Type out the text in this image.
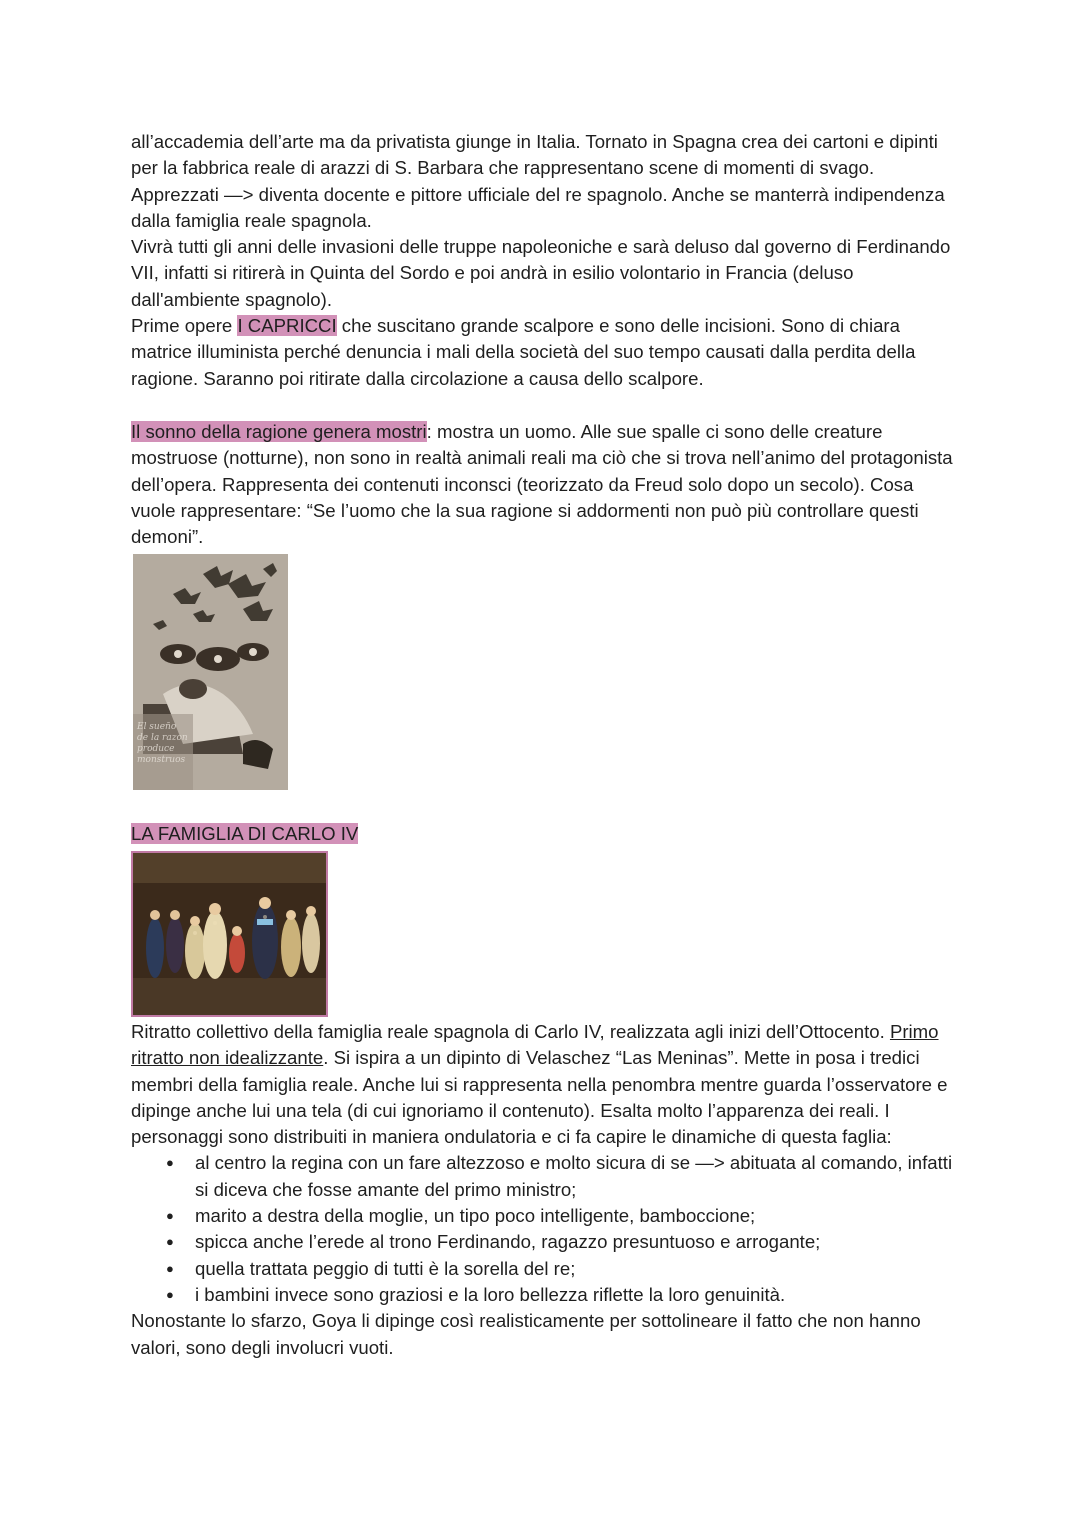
all’accademia dell’arte ma da privatista giunge in Italia. Tornato in Spagna crea dei cartoni e dipinti per la fabbrica reale di arazzi di S. Barbara che rappresentano scene di momenti di svago. Apprezzati —> diventa docente e pittore ufficiale del re spagnolo. Anche se manterrà indipendenza dalla famiglia reale spagnola.

Vivrà tutti gli anni delle invasioni delle truppe napoleoniche e sarà deluso dal governo di Ferdinando VII, infatti si ritirerà in Quinta del Sordo e poi andrà in esilio volontario in Francia (deluso dall'ambiente spagnolo).

Prime opere I CAPRICCI che suscitano grande scalpore e sono delle incisioni. Sono di chiara matrice illuminista perché denuncia i mali della società del suo tempo causati dalla perdita della ragione. Saranno poi ritirate dalla circolazione a causa dello scalpore.

Il sonno della ragione genera mostri: mostra un uomo. Alle sue spalle ci sono delle creature mostruose (notturne), non sono in realtà animali reali ma ciò che si trova nell’animo del protagonista dell’opera. Rappresenta dei contenuti inconsci (teorizzato da Freud solo dopo un secolo). Cosa vuole rappresentare: “Se l’uomo che la sua ragione si addormenti non può più controllare questi demoni”.

El sueño de la razon produce monstruos

LA FAMIGLIA DI CARLO IV

Ritratto collettivo della famiglia reale spagnola di Carlo IV, realizzata agli inizi dell’Ottocento. Primo ritratto non idealizzante. Si ispira a un dipinto di Velaschez “Las Meninas”. Mette in posa i tredici membri della famiglia reale. Anche lui si rappresenta nella penombra mentre guarda l’osservatore e dipinge anche lui una tela (di cui ignoriamo il contenuto). Esalta molto l’apparenza dei reali. I personaggi sono distribuiti in maniera ondulatoria e ci fa capire le dinamiche di questa faglia:

● al centro la regina con un fare altezzoso e molto sicura di se —> abituata al comando, infatti si diceva che fosse amante del primo ministro;
● marito a destra della moglie, un tipo poco intelligente, bamboccione;
● spicca anche l’erede al trono Ferdinando, ragazzo presuntuoso e arrogante;
● quella trattata peggio di tutti è la sorella del re;
● i bambini invece sono graziosi e la loro bellezza riflette la loro genuinità.

Nonostante lo sfarzo, Goya li dipinge così realisticamente per sottolineare il fatto che non hanno valori, sono degli involucri vuoti.
